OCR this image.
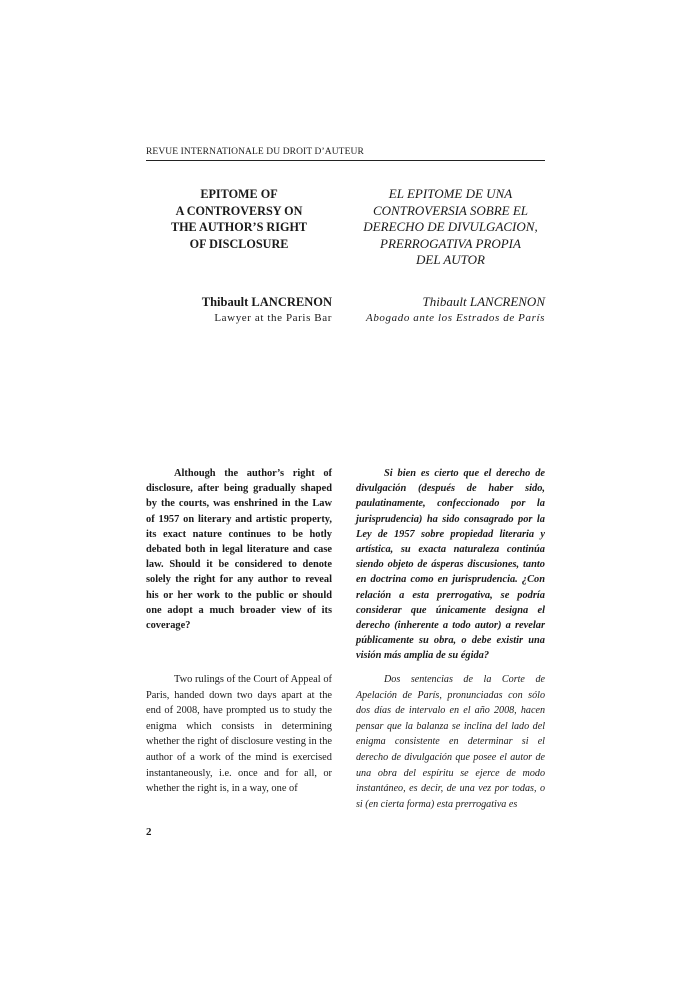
REVUE INTERNATIONALE DU DROIT D’AUTEUR
EPITOME OF
A CONTROVERSY ON
THE AUTHOR’S RIGHT
OF DISCLOSURE
EL EPITOME DE UNA
CONTROVERSIA SOBRE EL
DERECHO DE DIVULGACION,
PRERROGATIVA PROPIA
DEL AUTOR
Thibault LANCRENON
Lawyer at the Paris Bar
Thibault LANCRENON
Abogado ante los Estrados de París

Although the author’s right of disclosure, after being gradually shaped by the courts, was enshrined in the Law of 1957 on literary and artistic property, its exact nature continues to be hotly debated both in legal literature and case law. Should it be considered to denote solely the right for any author to reveal his or her work to the public or should one adopt a much broader view of its coverage?

Si bien es cierto que el derecho de divulgación (después de haber sido, paulatinamente, confeccionado por la jurisprudencia) ha sido consagrado por la Ley de 1957 sobre propiedad literaria y artística, su exacta naturaleza continúa siendo objeto de ásperas discusiones, tanto en doctrina como en jurisprudencia. ¿Con relación a esta prerrogativa, se podría considerar que únicamente designa el derecho (inherente a todo autor) a revelar públicamente su obra, o debe existir una visión más amplia de su égida?

Two rulings of the Court of Appeal of Paris, handed down two days apart at the end of 2008, have prompted us to study the enigma which consists in determining whether the right of disclosure vesting in the author of a work of the mind is exercised instantaneously, i.e. once and for all, or whether the right is, in a way, one of

Dos sentencias de la Corte de Apelación de París, pronunciadas con sólo dos días de intervalo en el año 2008, hacen pensar que la balanza se inclina del lado del enigma consistente en determinar si el derecho de divulgación que posee el autor de una obra del espíritu se ejerce de modo instantáneo, es decir, de una vez por todas, o si (en cierta forma) esta prerrogativa es

2
